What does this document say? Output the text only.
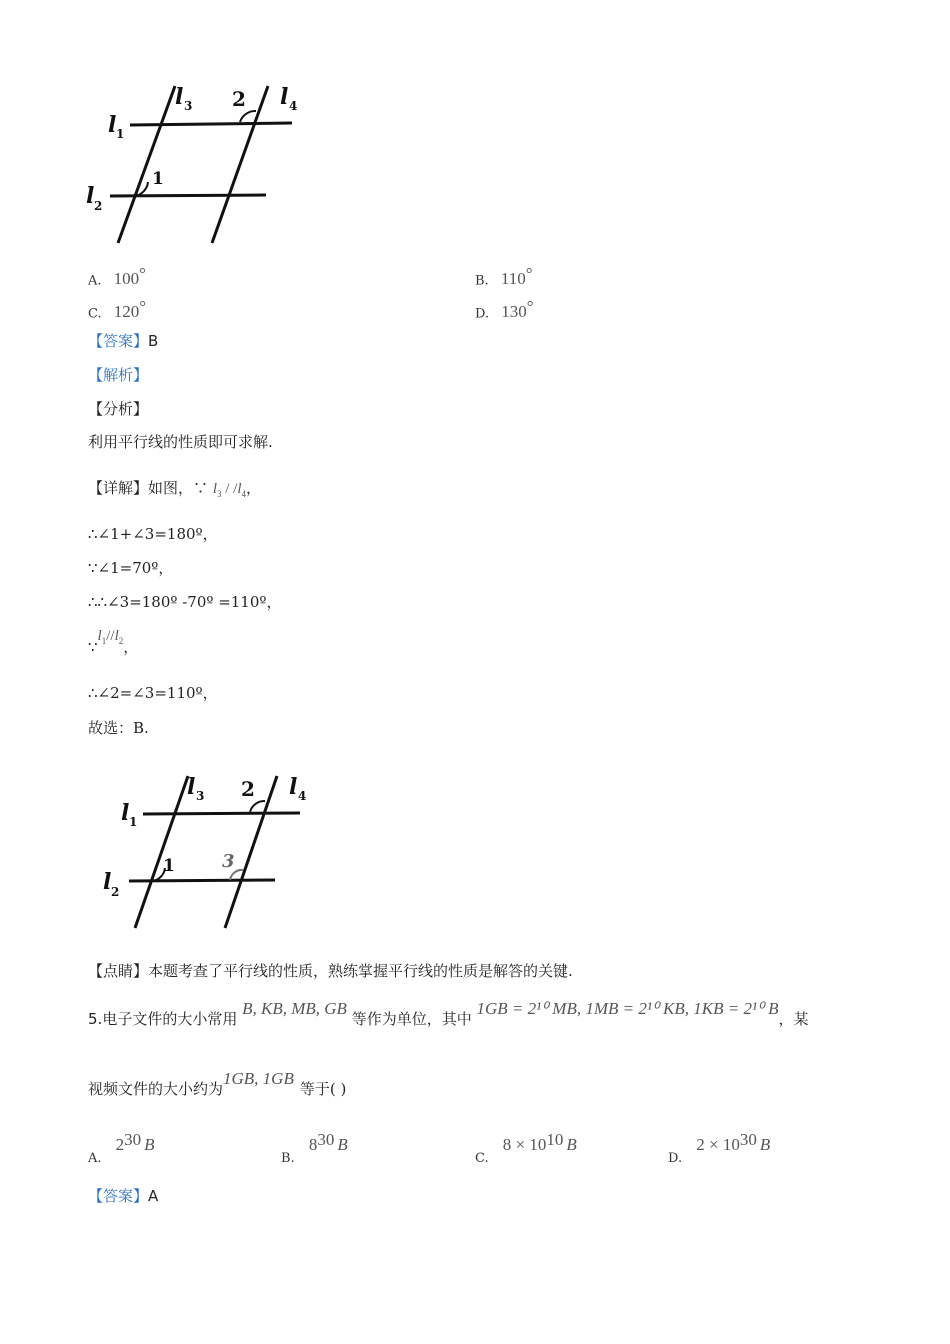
l 1
l 2
l 3	l 4
1
2
A. 100°	B. 110°
C. 120°	D. 130°
【答案】B
【解析】
【分析】
利用平行线的性质即可求解.
【详解】如图，∵ $l_3 / /l_4$，
∴∠1+∠3=180º，
∵∠1=70º，
∴∴∠3=180º -70º =110º，
$\because l_1//l_2$，
∴∠2=∠3=110º，
故选：B.
l 1
l 2
l 3	l 4
1
2
3
【点睛】本题考查了平行线的性质，熟练掌握平行线的性质是解答的关键.
5.电子文件的大小常用 B, KB, MB, GB 等作为单位，其中 1GB = 2¹⁰ MB, 1MB = 2¹⁰ KB, 1KB = 2¹⁰ B，某
视频文件的大小约为1GB, 1GB等于( )
A. $2^{30}$ B
B. $8^{30}$ B
C. $8 \times 10^{10}$ B
D. $2 \times 10^{30}$ B
【答案】A
